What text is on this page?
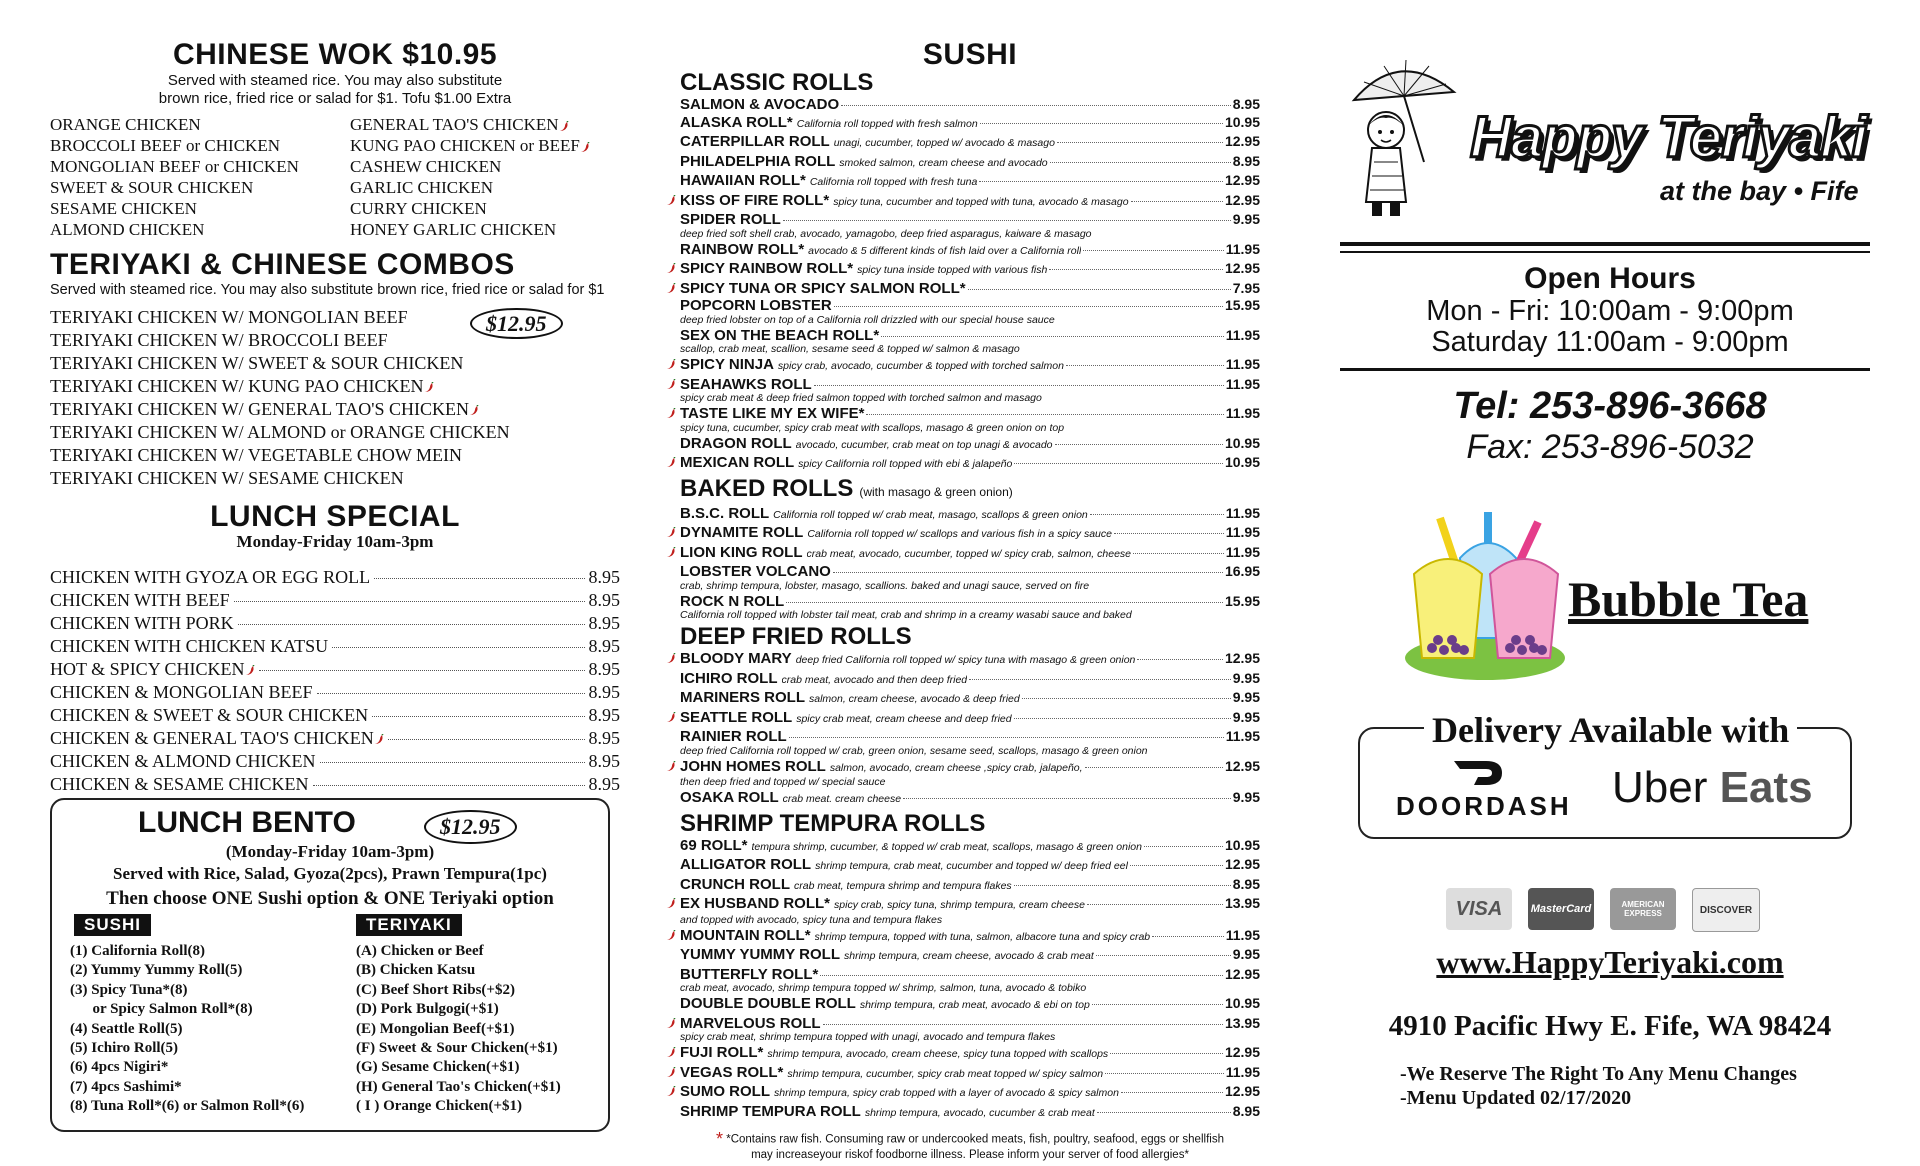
CHINESE WOK $10.95
Served with steamed rice. You may also substitute
brown rice, fried rice or salad for $1. Tofu $1.00 Extra
ORANGE CHICKEN	GENERAL TAO'S CHICKEN
BROCCOLI BEEF or CHICKEN	KUNG PAO CHICKEN or BEEF
MONGOLIAN BEEF or CHICKEN	CASHEW CHICKEN
SWEET & SOUR CHICKEN	GARLIC CHICKEN
SESAME CHICKEN	CURRY CHICKEN
ALMOND CHICKEN	HONEY GARLIC CHICKEN
TERIYAKI & CHINESE COMBOS
Served with steamed rice. You may also substitute brown rice, fried rice or salad for $1
$12.95
TERIYAKI CHICKEN W/ MONGOLIAN BEEF
TERIYAKI CHICKEN W/ BROCCOLI BEEF
TERIYAKI CHICKEN W/ SWEET & SOUR CHICKEN
TERIYAKI CHICKEN W/ KUNG PAO CHICKEN
TERIYAKI CHICKEN W/ GENERAL TAO'S CHICKEN
TERIYAKI CHICKEN W/ ALMOND or ORANGE CHICKEN
TERIYAKI CHICKEN W/ VEGETABLE CHOW MEIN
TERIYAKI CHICKEN W/ SESAME CHICKEN
LUNCH SPECIAL
Monday-Friday 10am-3pm
CHICKEN WITH GYOZA OR EGG ROLL	8.95
CHICKEN WITH BEEF	8.95
CHICKEN WITH PORK	8.95
CHICKEN WITH CHICKEN KATSU	8.95
HOT & SPICY CHICKEN	8.95
CHICKEN & MONGOLIAN BEEF	8.95
CHICKEN & SWEET & SOUR CHICKEN	8.95
CHICKEN & GENERAL TAO'S CHICKEN	8.95
CHICKEN & ALMOND CHICKEN	8.95
CHICKEN & SESAME CHICKEN	8.95
LUNCH BENTO	$12.95
(Monday-Friday 10am-3pm)
Served with Rice, Salad, Gyoza(2pcs), Prawn Tempura(1pc)
Then choose ONE Sushi option & ONE Teriyaki option
SUSHI	TERIYAKI
(1) California Roll(8)
(2) Yummy Yummy Roll(5)
(3) Spicy Tuna*(8)
or Spicy Salmon Roll*(8)
(4) Seattle Roll(5)
(5) Ichiro Roll(5)
(6) 4pcs Nigiri*
(7) 4pcs Sashimi*
(8) Tuna Roll*(6) or Salmon Roll*(6)
(A) Chicken or Beef
(B) Chicken Katsu
(C) Beef Short Ribs(+$2)
(D) Pork Bulgogi(+$1)
(E) Mongolian Beef(+$1)
(F) Sweet & Sour Chicken(+$1)
(G) Sesame Chicken(+$1)
(H) General Tao's Chicken(+$1)
( I ) Orange Chicken(+$1)
SUSHI
CLASSIC ROLLS
SALMON & AVOCADO	8.95
ALASKA ROLL* California roll topped with fresh salmon	10.95
CATERPILLAR ROLL unagi, cucumber, topped w/ avocado & masago	12.95
PHILADELPHIA ROLL smoked salmon, cream cheese and avocado	8.95
HAWAIIAN ROLL* California roll topped with fresh tuna	12.95
KISS OF FIRE ROLL* spicy tuna, cucumber and topped with tuna, avocado & masago	12.95
SPIDER ROLL	9.95
deep fried soft shell crab, avocado, yamagobo, deep fried asparagus, kaiware & masago
RAINBOW ROLL* avocado & 5 different kinds of fish laid over a California roll	11.95
SPICY RAINBOW ROLL* spicy tuna inside topped with various fish	12.95
SPICY TUNA OR SPICY SALMON ROLL*	7.95
POPCORN LOBSTER	15.95
deep fried lobster on top of a California roll drizzled with our special house sauce
SEX ON THE BEACH ROLL*	11.95
scallop, crab meat, scallion, sesame seed & topped w/ salmon & masago
SPICY NINJA spicy crab, avocado, cucumber & topped with torched salmon	11.95
SEAHAWKS ROLL	11.95
spicy crab meat & deep fried salmon topped with torched salmon and masago
TASTE LIKE MY EX WIFE*	11.95
spicy tuna, cucumber, spicy crab meat with scallops, masago & green onion on top
DRAGON ROLL avocado, cucumber, crab meat on top unagi & avocado	10.95
MEXICAN ROLL spicy California roll topped with ebi & jalapeño	10.95
BAKED ROLLS (with masago & green onion)
B.S.C. ROLL California roll topped w/ crab meat, masago, scallops & green onion	11.95
DYNAMITE ROLL California roll topped w/ scallops and various fish in a spicy sauce	11.95
LION KING ROLL crab meat, avocado, cucumber, topped w/ spicy crab, salmon, cheese	11.95
LOBSTER VOLCANO	16.95
crab, shrimp tempura, lobster, masago, scallions. baked and unagi sauce, served on fire
ROCK N ROLL	15.95
California roll topped with lobster tail meat, crab and shrimp in a creamy wasabi sauce and baked
DEEP FRIED ROLLS
BLOODY MARY deep fried California roll topped w/ spicy tuna with masago & green onion	12.95
ICHIRO ROLL crab meat, avocado and then deep fried	9.95
MARINERS ROLL salmon, cream cheese, avocado & deep fried	9.95
SEATTLE ROLL spicy crab meat, cream cheese and deep fried	9.95
RAINIER ROLL	11.95
deep fried California roll topped w/ crab, green onion, sesame seed, scallops, masago & green onion
JOHN HOMES ROLL salmon, avocado, cream cheese ,spicy crab, jalapeño,	12.95
then deep fried and topped w/ special sauce
OSAKA ROLL crab meat. cream cheese	9.95
SHRIMP TEMPURA ROLLS
69 ROLL* tempura shrimp, cucumber, & topped w/ crab meat, scallops, masago & green onion	10.95
ALLIGATOR ROLL shrimp tempura, crab meat, cucumber and topped w/ deep fried eel	12.95
CRUNCH ROLL crab meat, tempura shrimp and tempura flakes	8.95
EX HUSBAND ROLL* spicy crab, spicy tuna, shrimp tempura, cream cheese	13.95
and topped with avocado, spicy tuna and tempura flakes
MOUNTAIN ROLL* shrimp tempura, topped with tuna, salmon, albacore tuna and spicy crab	11.95
YUMMY YUMMY ROLL shrimp tempura, cream cheese, avocado & crab meat	9.95
BUTTERFLY ROLL*	12.95
crab meat, avocado, shrimp tempura topped w/ shrimp, salmon, tuna, avocado & tobiko
DOUBLE DOUBLE ROLL shrimp tempura, crab meat, avocado & ebi on top	10.95
MARVELOUS ROLL	13.95
spicy crab meat, shrimp tempura topped with unagi, avocado and tempura flakes
FUJI ROLL* shrimp tempura, avocado, cream cheese, spicy tuna topped with scallops	12.95
VEGAS ROLL* shrimp tempura, cucumber, spicy crab meat topped w/ spicy salmon	11.95
SUMO ROLL shrimp tempura, spicy crab topped with a layer of avocado & spicy salmon	12.95
SHRIMP TEMPURA ROLL shrimp tempura, avocado, cucumber & crab meat	8.95
* *Contains raw fish. Consuming raw or undercooked meats, fish, poultry, seafood, eggs or shellfish
may increaseyour riskof foodborne illness. Please inform your server of food allergies*
Happy Teriyaki
at the bay • Fife
Open Hours
Mon - Fri: 10:00am - 9:00pm
Saturday 11:00am - 9:00pm
Tel: 253-896-3668
Fax: 253-896-5032
Bubble Tea
Delivery Available with
DOORDASH Uber Eats
VISA	MasterCard	AMERICAN EXPRESS	DISCOVER
www.HappyTeriyaki.com
4910 Pacific Hwy E. Fife, WA 98424
-We Reserve The Right To Any Menu Changes
-Menu Updated 02/17/2020
